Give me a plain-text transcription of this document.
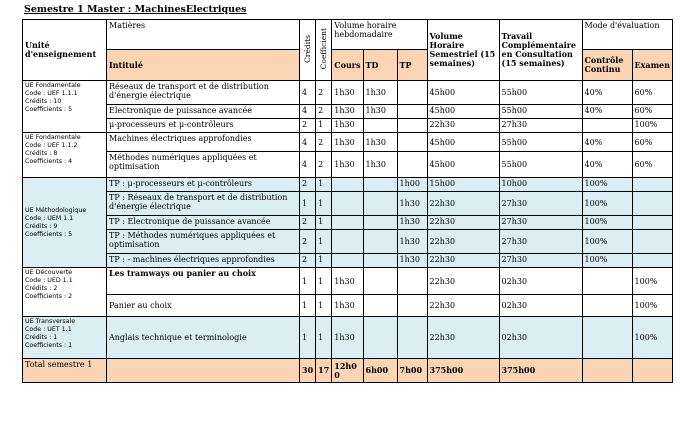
Semestre 1 Master : MachinesElectriques
Unité d'enseignement	Matières	Crédits	Coefficient	Volume horaire hebdomadaire			Volume Horaire Semestriel (15 semaines)	Travail Complémentaire en Consultation (15 semaines)	Mode d'évaluation	
	Intitulé			Cours	TD	TP			Contrôle Continu	Examen

UE Fondamentale
Code : UEF 1.1.1
Crédits : 10
Coefficients : 5	Réseaux de transport et de distribution d'énergie électrique	4	2	1h30	1h30		45h00	55h00	40%	60%
	Electronique de puissance avancée	4	2	1h30	1h30		45h00	55h00	40%	60%
	μ-processeurs et μ-contrôleurs	2	1	1h30			22h30	27h30		100%

UE Fondamentale
Code : UEF 1.1.2
Crédits : 8
Coefficients : 4	Machines électriques approfondies	4	2	1h30	1h30		45h00	55h00	40%	60%
	Méthodes numériques appliquées et optimisation	4	2	1h30	1h30		45h00	55h00	40%	60%

UE Méthodologique
Code : UEM 1.1
Crédits : 9
Coefficients : 5	TP : μ-processeurs et μ-contrôleurs	2	1			1h00	15h00	10h00	100%	
	TP : Réseaux de transport et de distribution d'énergie électrique	1	1			1h30	22h30	27h30	100%	
	TP : Electronique de puissance avancée	2	1			1h30	22h30	27h30	100%	
	TP : Méthodes numériques appliquées et optimisation	2	1			1h30	22h30	27h30	100%	
	TP : - machines électriques approfondies	2	1			1h30	22h30	27h30	100%	

UE Découverte
Code : UED 1.1
Crédits : 2
Coefficients : 2	Les tramways ou panier au choix	1	1	1h30			22h30	02h30		100%
	Panier au choix	1	1	1h30			22h30	02h30		100%

UE Transversale
Code : UET 1.1
Crédits : 1
Coefficients : 1	Anglais technique et terminologie	1	1	1h30			22h30	02h30		100%
Total semestre 1		30	17	12h00	6h00	7h00	375h00	375h00		
